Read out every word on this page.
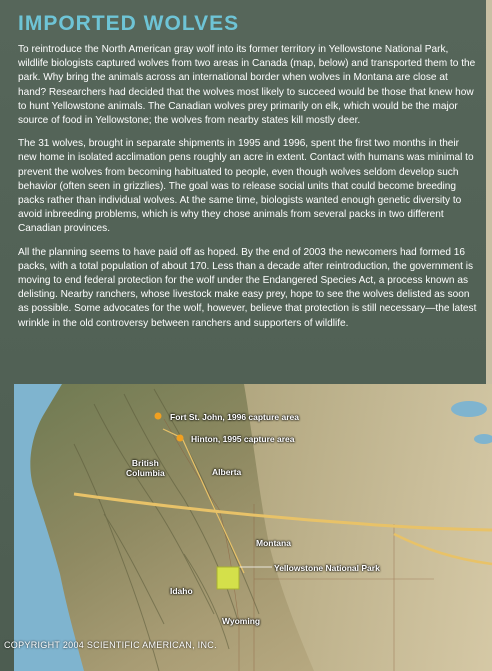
IMPORTED WOLVES

To reintroduce the North American gray wolf into its former territory in Yellowstone National Park, wildlife biologists captured wolves from two areas in Canada (map, below) and transported them to the park. Why bring the animals across an international border when wolves in Montana are close at hand? Researchers had decided that the wolves most likely to succeed would be those that knew how to hunt Yellowstone animals. The Canadian wolves prey primarily on elk, which would be the major source of food in Yellowstone; the wolves from nearby states kill mostly deer.

The 31 wolves, brought in separate shipments in 1995 and 1996, spent the first two months in their new home in isolated acclimation pens roughly an acre in extent. Contact with humans was minimal to prevent the wolves from becoming habituated to people, even though wolves seldom develop such behavior (often seen in grizzlies). The goal was to release social units that could become breeding packs rather than individual wolves. At the same time, biologists wanted enough genetic diversity to avoid inbreeding problems, which is why they chose animals from several packs in two different Canadian provinces.

All the planning seems to have paid off as hoped. By the end of 2003 the newcomers had formed 16 packs, with a total population of about 170. Less than a decade after reintroduction, the government is moving to end federal protection for the wolf under the Endangered Species Act, a process known as delisting. Nearby ranchers, whose livestock make easy prey, hope to see the wolves delisted as soon as possible. Some advocates for the wolf, however, believe that protection is still necessary—the latest wrinkle in the old controversy between ranchers and supporters of wildlife.

Fort St. John, 1996 capture area
Hinton, 1995 capture area
British
Columbia	Alberta
Montana
Yellowstone National Park
Idaho
Wyoming
COPYRIGHT 2004 SCIENTIFIC AMERICAN, INC.
